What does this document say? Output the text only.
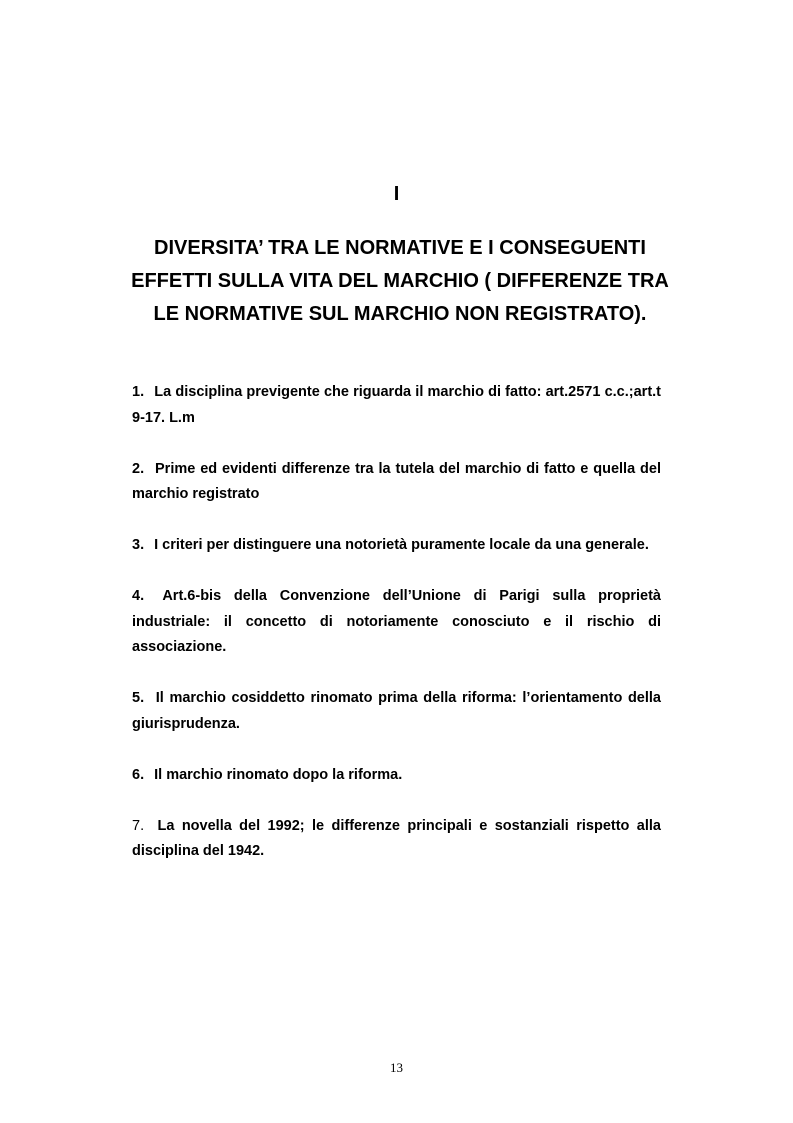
I
DIVERSITA’ TRA LE NORMATIVE E I CONSEGUENTI EFFETTI SULLA VITA DEL MARCHIO ( DIFFERENZE TRA LE NORMATIVE SUL MARCHIO NON REGISTRATO).
1. La disciplina previgente che riguarda il marchio di fatto: art.2571 c.c.;art.t 9-17. L.m
2. Prime ed evidenti differenze tra la tutela del marchio di fatto e quella del marchio registrato
3. I criteri per distinguere una notorietà puramente locale da una generale.
4. Art.6-bis della Convenzione dell’Unione di Parigi sulla proprietà industriale: il concetto di notoriamente conosciuto e il rischio di associazione.
5. Il marchio cosiddetto rinomato prima della riforma: l’orientamento della giurisprudenza.
6. Il marchio rinomato dopo la riforma.
7. La novella del 1992; le differenze principali e sostanziali rispetto alla disciplina del 1942.

13
